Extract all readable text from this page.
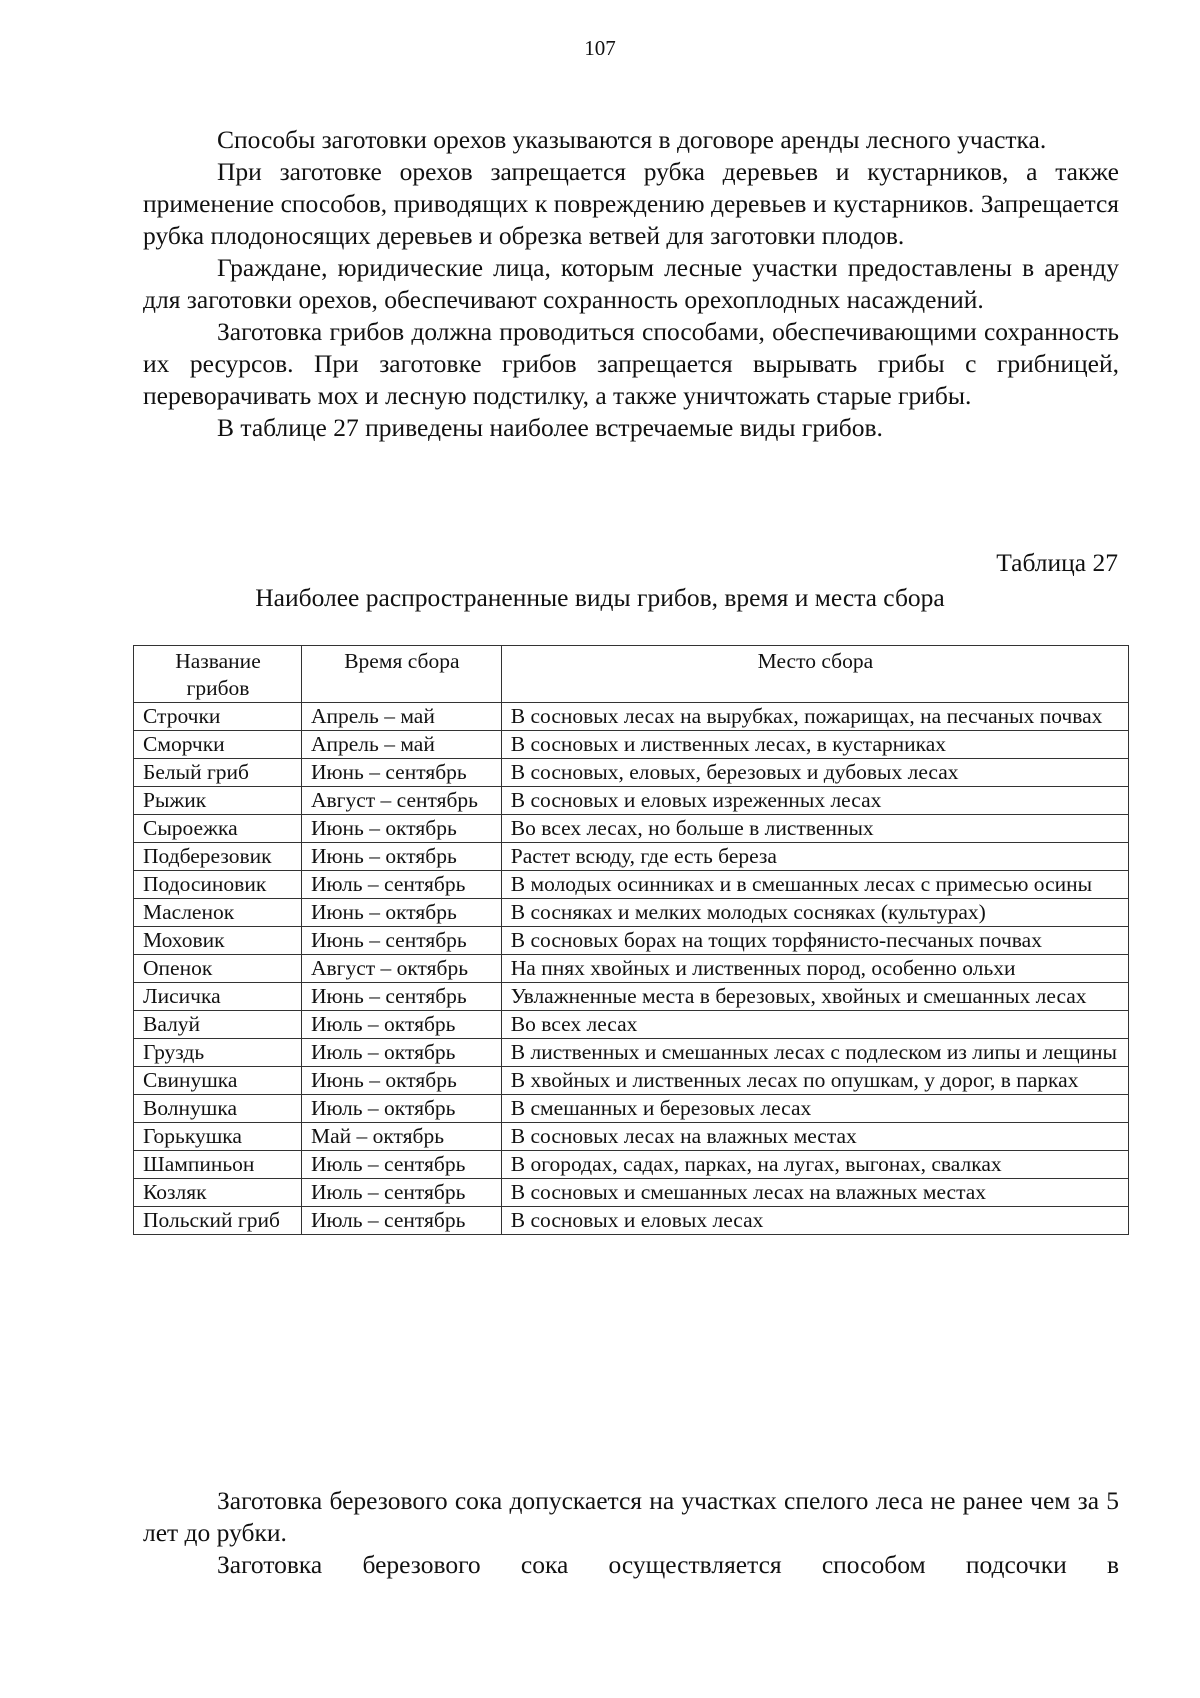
107

Способы заготовки орехов указываются в договоре аренды лесного участка.

При заготовке орехов запрещается рубка деревьев и кустарников, а также применение способов, приводящих к повреждению деревьев и кустарников. Запрещается рубка плодоносящих деревьев и обрезка ветвей для заготовки плодов.

Граждане, юридические лица, которым лесные участки предоставлены в аренду для заготовки орехов, обеспечивают сохранность орехоплодных насаждений.

Заготовка грибов должна проводиться способами, обеспечивающими сохранность их ресурсов. При заготовке грибов запрещается вырывать грибы с грибницей, переворачивать мох и лесную подстилку, а также уничтожать старые грибы.

В таблице 27 приведены наиболее встречаемые виды грибов.

Таблица 27
Наиболее распространенные виды грибов, время и места сбора
Название грибов	Время сбора	Место сбора
Строчки	Апрель – май	В сосновых лесах на вырубках, пожарищах, на песчаных почвах
Сморчки	Апрель – май	В сосновых и лиственных лесах, в кустарниках
Белый гриб	Июнь – сентябрь	В сосновых, еловых, березовых и дубовых лесах
Рыжик	Август – сентябрь	В сосновых и еловых изреженных лесах
Сыроежка	Июнь – октябрь	Во всех лесах, но больше в лиственных
Подберезовик	Июнь – октябрь	Растет всюду, где есть береза
Подосиновик	Июль – сентябрь	В молодых осинниках и в смешанных лесах с примесью осины
Масленок	Июнь – октябрь	В сосняках и мелких молодых сосняках (культурах)
Моховик	Июнь – сентябрь	В сосновых борах на тощих торфянисто-песчаных почвах
Опенок	Август – октябрь	На пнях хвойных и лиственных пород, особенно ольхи
Лисичка	Июнь – сентябрь	Увлажненные места в березовых, хвойных и смешанных лесах
Валуй	Июль – октябрь	Во всех лесах
Груздь	Июль – октябрь	В лиственных и смешанных лесах с подлеском из липы и лещины
Свинушка	Июнь – октябрь	В хвойных и лиственных лесах по опушкам, у дорог, в парках
Волнушка	Июль – октябрь	В смешанных и березовых лесах
Горькушка	Май – октябрь	В сосновых лесах на влажных местах
Шампиньон	Июль – сентябрь	В огородах, садах, парках, на лугах, выгонах, свалках
Козляк	Июль – сентябрь	В сосновых и смешанных лесах на влажных местах
Польский гриб	Июль – сентябрь	В сосновых и еловых лесах

Заготовка березового сока допускается на участках спелого леса не ранее чем за 5 лет до рубки.

Заготовка березового сока осуществляется способом подсочки в
